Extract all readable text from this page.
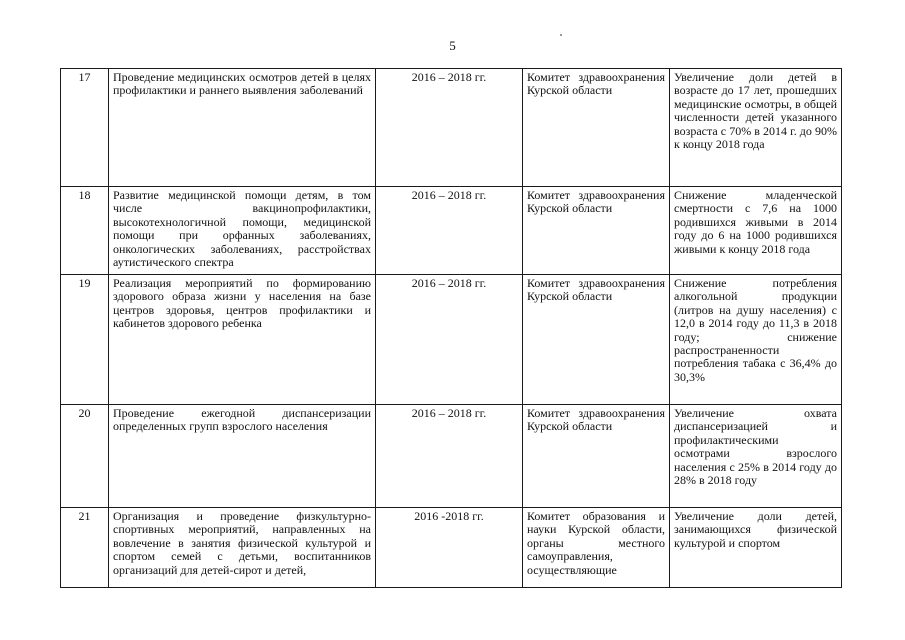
5
17	Проведение медицинских осмотров детей в целях профилактики и раннего выявления заболеваний	2016 – 2018 гг.	Комитет здравоохранения Курской области	Увеличение доли детей в возрасте до 17 лет, прошедших медицинские осмотры, в общей численности детей указанного возраста с 70% в 2014 г. до 90% к концу 2018 года
18	Развитие медицинской помощи детям, в том числе вакцинопрофилактики, высокотехнологичной помощи, медицинской помощи при орфанных заболеваниях, онкологических заболеваниях, расстройствах аутистического спектра	2016 – 2018 гг.	Комитет здравоохранения Курской области	Снижение младенческой смертности с 7,6 на 1000 родившихся живыми в 2014 году до 6 на 1000 родившихся живыми к концу 2018 года
19	Реализация мероприятий по формированию здорового образа жизни у населения на базе центров здоровья, центров профилактики и кабинетов здорового ребенка	2016 – 2018 гг.	Комитет здравоохранения Курской области	Снижение потребления алкогольной продукции (литров на душу населения) с 12,0 в 2014 году до 11,3 в 2018 году; снижение распространенности потребления табака с 36,4% до 30,3%
20	Проведение ежегодной диспансеризации определенных групп взрослого населения	2016 – 2018 гг.	Комитет здравоохранения Курской области	Увеличение охвата диспансеризацией и профилактическими осмотрами взрослого населения с 25% в 2014 году до 28% в 2018 году
21	Организация и проведение физкультурно-спортивных мероприятий, направленных на вовлечение в занятия физической культурой и спортом семей с детьми, воспитанников организаций для детей-сирот и детей,	2016 -2018 гг.	Комитет образования и науки Курской области, органы местного самоуправления, осуществляющие	Увеличение доли детей, занимающихся физической культурой и спортом
